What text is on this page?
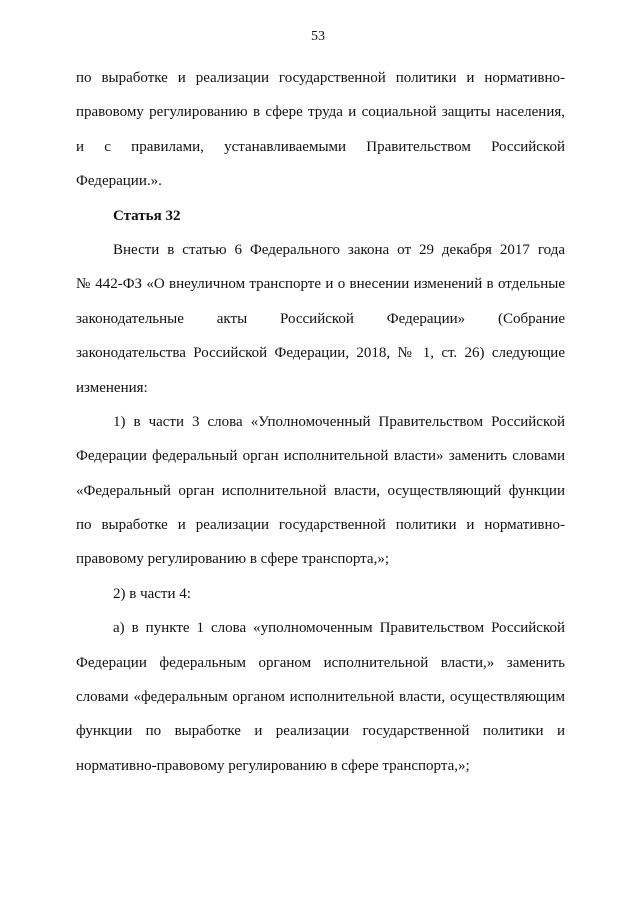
53
по выработке и реализации государственной политики и нормативно-
правовому регулированию в сфере труда и социальной защиты населения,
и с правилами, устанавливаемыми Правительством Российской
Федерации.».
Статья 32
Внести в статью 6 Федерального закона от 29 декабря 2017 года
№ 442-ФЗ «О внеуличном транспорте и о внесении изменений в отдельные
законодательные акты Российской Федерации» (Собрание
законодательства Российской Федерации, 2018, № 1, ст. 26) следующие
изменения:
1) в части 3 слова «Уполномоченный Правительством Российской
Федерации федеральный орган исполнительной власти» заменить словами
«Федеральный орган исполнительной власти, осуществляющий функции
по выработке и реализации государственной политики и нормативно-
правовому регулированию в сфере транспорта,»;
2) в части 4:
а) в пункте 1 слова «уполномоченным Правительством Российской
Федерации федеральным органом исполнительной власти,» заменить
словами «федеральным органом исполнительной власти, осуществляющим
функции по выработке и реализации государственной политики и
нормативно-правовому регулированию в сфере транспорта,»;
